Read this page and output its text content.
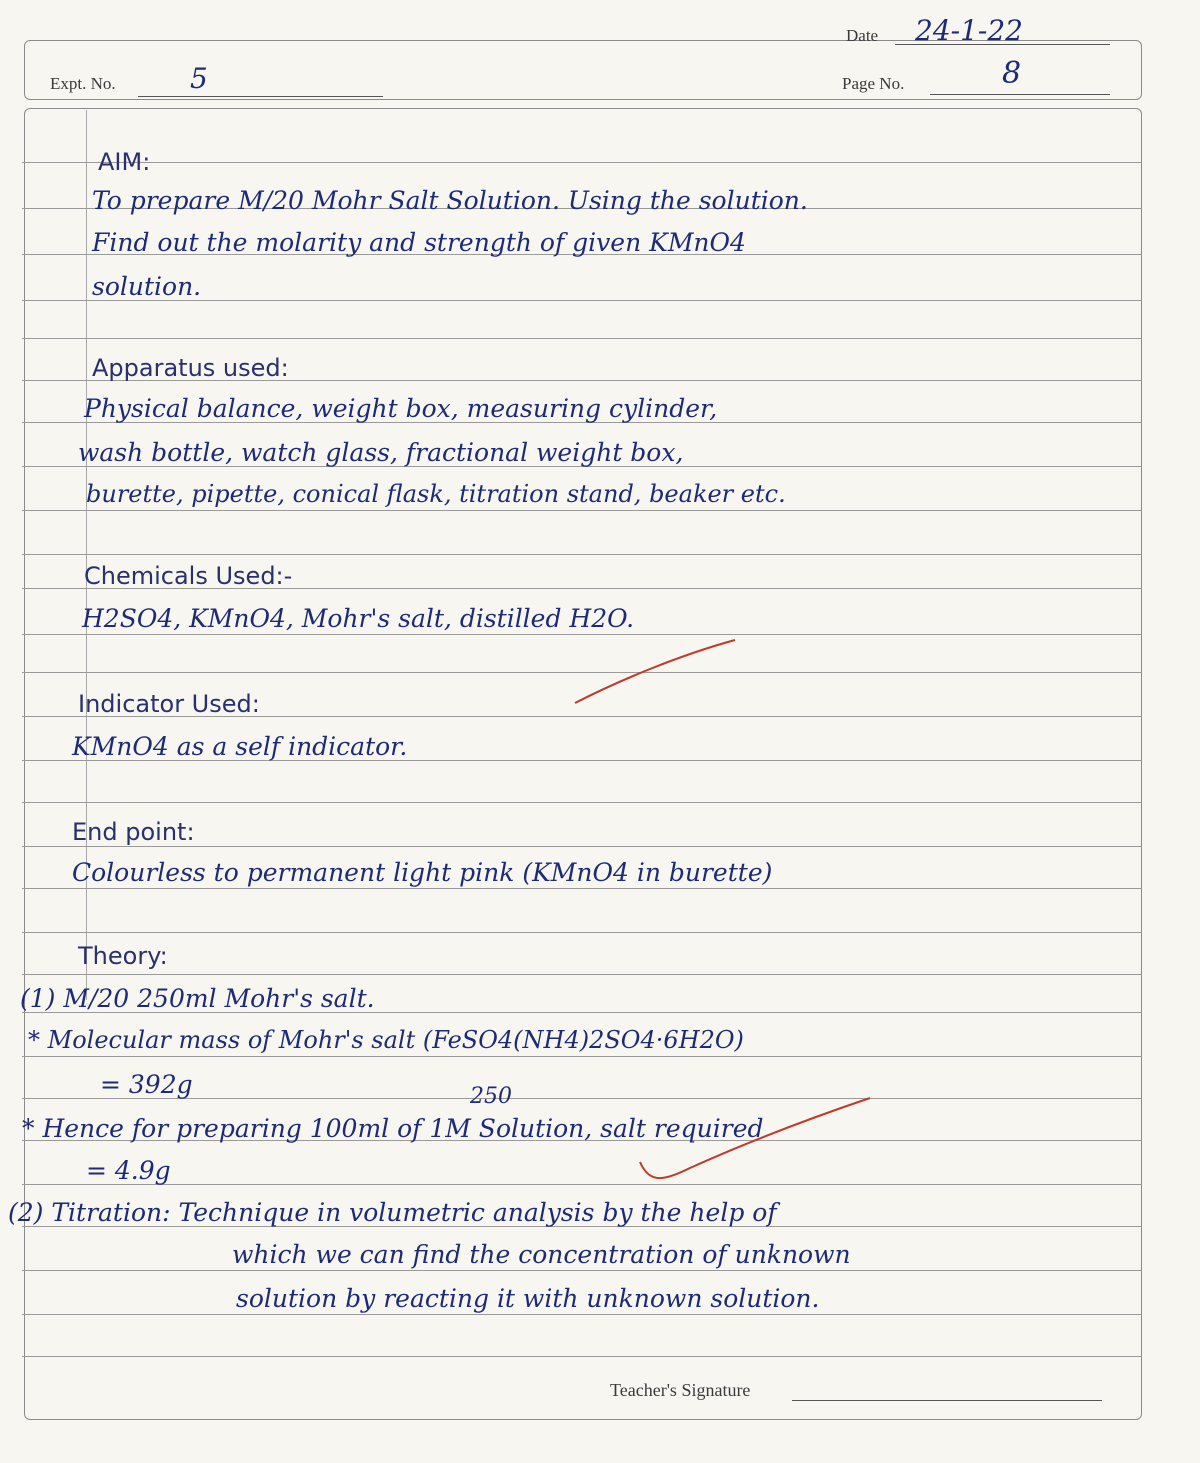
Expt. No.	5
Date 24-1-22
Page No.	8
AIM:
To prepare M/20 Mohr Salt Solution. Using the solution.
Find out the molarity and strength of given KMnO4
solution.
Apparatus used:
Physical balance, weight box, measuring cylinder,
wash bottle, watch glass, fractional weight box,
burette, pipette, conical flask, titration stand, beaker etc.
Chemicals Used:-
H2SO4, KMnO4, Mohr's salt, distilled H2O.
Indicator Used:
KMnO4 as a self indicator.
End point:
Colourless to permanent light pink (KMnO4 in burette)
Theory:
(1) M/20 250ml Mohr's salt.
* Molecular mass of Mohr's salt (FeSO4(NH4)2SO4·6H2O)
= 392g	250
* Hence for preparing 100ml of 1M Solution, salt required
= 4.9g
(2) Titration: Technique in volumetric analysis by the help of
which we can find the concentration of unknown
solution by reacting it with unknown solution.
Teacher's Signature
